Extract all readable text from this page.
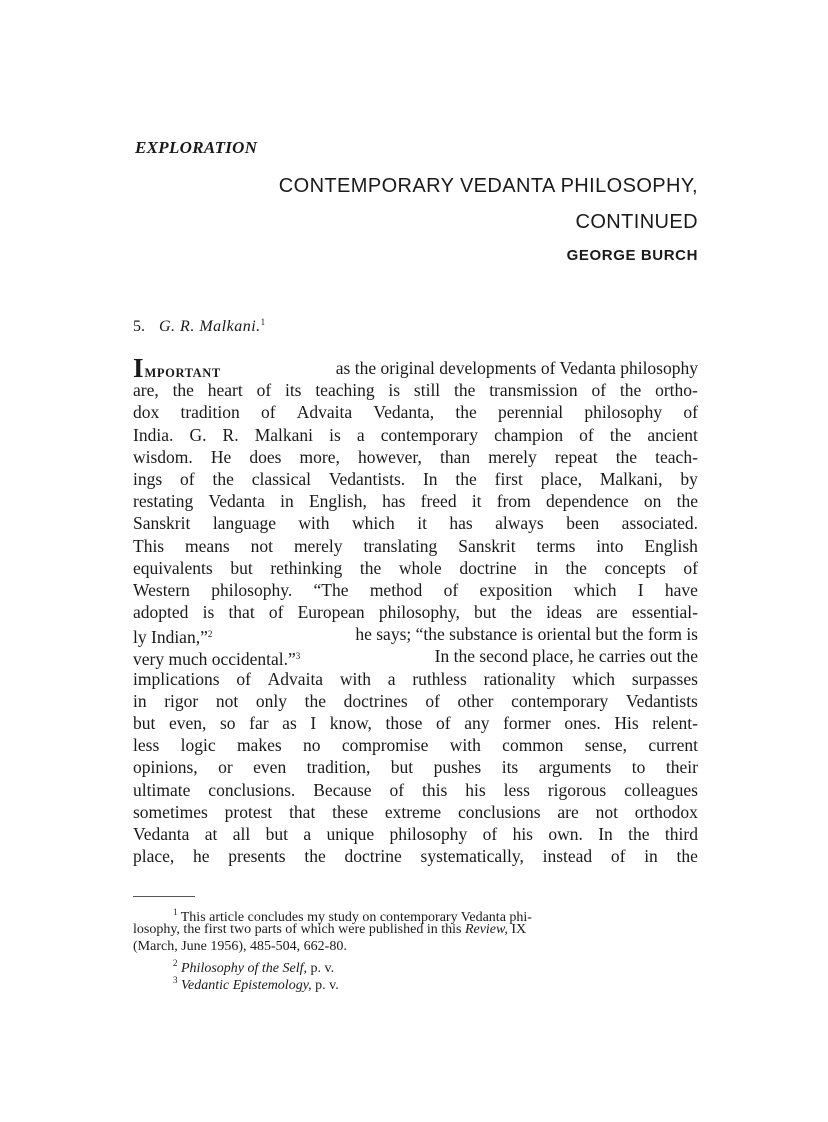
EXPLORATION
CONTEMPORARY VEDANTA PHILOSOPHY,
CONTINUED
GEORGE BURCH
5. G. R. Malkani.$^1$
IMPORTANT	as the original developments of Vedanta philosophy
are, the heart of its teaching is still the transmission of the ortho-
dox tradition of Advaita Vedanta, the perennial philosophy of
India. G. R. Malkani is a contemporary champion of the ancient
wisdom. He does more, however, than merely repeat the teach-
ings of the classical Vedantists. In the first place, Malkani, by
restating Vedanta in English, has freed it from dependence on the
Sanskrit language with which it has always been associated.
This means not merely translating Sanskrit terms into English
equivalents but rethinking the whole doctrine in the concepts of
Western philosophy. “The method of exposition which I have
adopted is that of European philosophy, but the ideas are essential-
ly Indian,”$^2$	he says; “the substance is oriental but the form is
very much occidental.”$^3$	In the second place, he carries out the
implications of Advaita with a ruthless rationality which surpasses
in rigor not only the doctrines of other contemporary Vedantists
but even, so far as I know, those of any former ones. His relent-
less logic makes no compromise with common sense, current
opinions, or even tradition, but pushes its arguments to their
ultimate conclusions. Because of this his less rigorous colleagues
sometimes protest that these extreme conclusions are not orthodox
Vedanta at all but a unique philosophy of his own. In the third
place, he presents the doctrine systematically, instead of in the
$^1$ This article concludes my study on contemporary Vedanta phi-
losophy, the first two parts of which were published in this Review, IX
(March, June 1956), 485-504, 662-80.
$^2$ Philosophy of the Self, p. v.
$^3$ Vedantic Epistemology, p. v.
